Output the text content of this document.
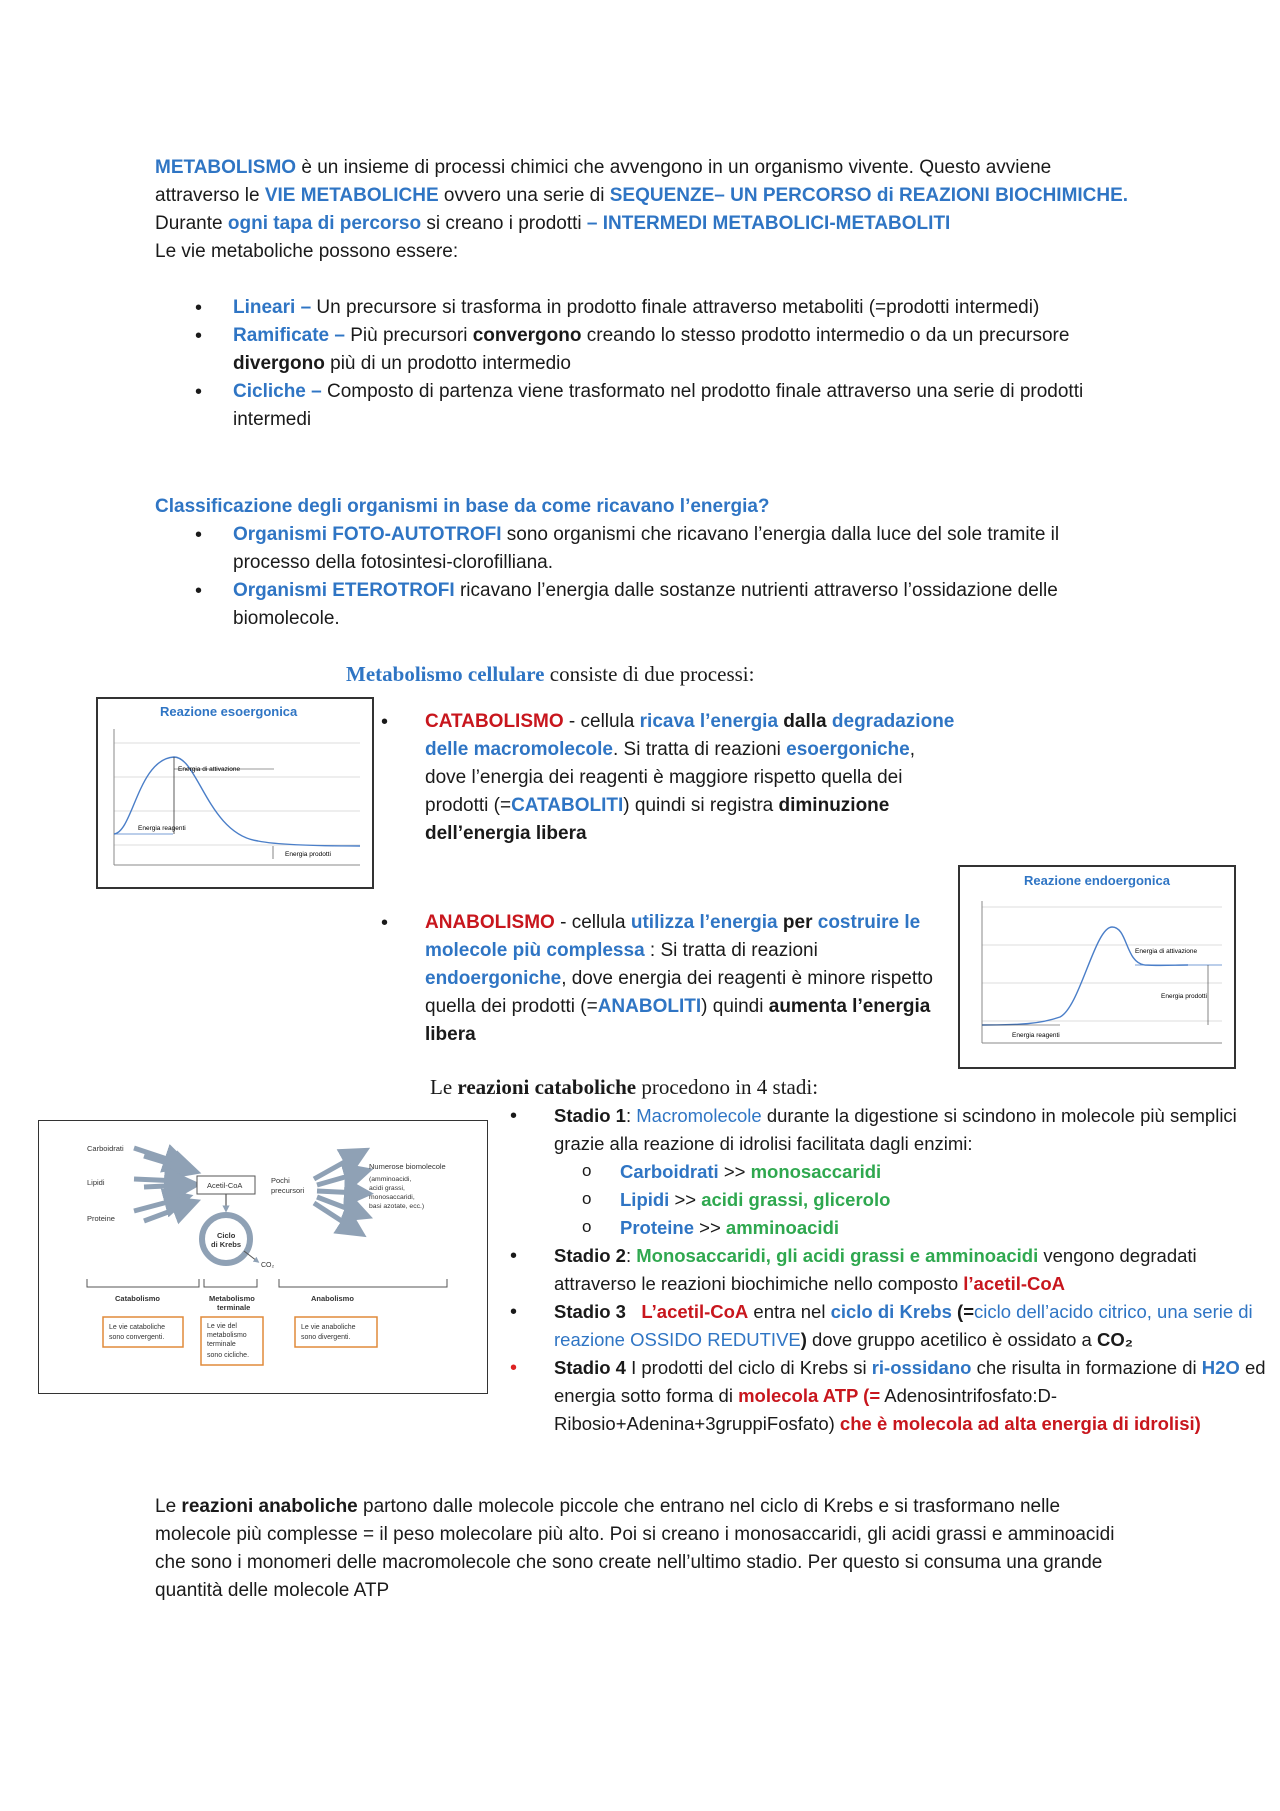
METABOLISMO è un insieme di processi chimici che avvengono in un organismo vivente. Questo avviene attraverso le VIE METABOLICHE ovvero una serie di SEQUENZE– UN PERCORSO di REAZIONI BIOCHIMICHE. Durante ogni tapa di percorso si creano i prodotti – INTERMEDI METABOLICI-METABOLITI
Le vie metaboliche possono essere:
• Lineari – Un precursore si trasforma in prodotto finale attraverso metaboliti (=prodotti intermedi)
• Ramificate – Più precursori convergono creando lo stesso prodotto intermedio o da un precursore divergono più di un prodotto intermedio
• Cicliche – Composto di partenza viene trasformato nel prodotto finale attraverso una serie di prodotti intermedi
Classificazione degli organismi in base da come ricavano l’energia?
• Organismi FOTO-AUTOTROFI sono organismi che ricavano l’energia dalla luce del sole tramite il processo della fotosintesi-clorofilliana.
• Organismi ETEROTROFI ricavano l’energia dalle sostanze nutrienti attraverso l’ossidazione delle biomolecole.
Metabolismo cellulare consiste di due processi:
Reazione esoergonica
Energia di attivazione
Energia reagenti
Energia prodotti
• CATABOLISMO - cellula ricava l’energia dalla degradazione delle macromolecole. Si tratta di reazioni esoergoniche, dove l’energia dei reagenti è maggiore rispetto quella dei prodotti (=CATABOLITI) quindi si registra diminuzione dell’energia libera
Reazione endoergonica
Energia di attivazione
Energia prodotti
Energia reagenti
• ANABOLISMO - cellula utilizza l’energia per costruire le molecole più complessa : Si tratta di reazioni endoergoniche, dove energia dei reagenti è minore rispetto quella dei prodotti (=ANABOLITI) quindi aumenta l’energia libera
Le reazioni cataboliche procedono in 4 stadi:
Carboidrati
Lipidi
Proteine
Acetil-CoA
Pochi
precursori
Numerose biomolecole
(amminoacidi,
acidi grassi,
monosaccaridi,
basi azotate, ecc.)
Ciclo
di Krebs
CO₂
Catabolismo	Metabolismo
terminale
Anabolismo
Le vie cataboliche
sono convergenti.
Le vie del
metabolismo
terminale
sono cicliche.
Le vie anaboliche
sono divergenti.
• Stadio 1: Macromolecole durante la digestione si scindono in molecole più semplici grazie alla reazione di idrolisi facilitata dagli enzimi:
o Carboidrati >> monosaccaridi
o Lipidi >> acidi grassi, glicerolo
o Proteine >> amminoacidi
• Stadio 2: Monosaccaridi, gli acidi grassi e amminoacidi vengono degradati attraverso le reazioni biochimiche nello composto l’acetil-CoA
• Stadio 3   L’acetil-CoA entra nel ciclo di Krebs (=ciclo dell’acido citrico, una serie di reazione OSSIDO REDUTIVE) dove gruppo acetilico è ossidato a CO₂
• Stadio 4 I prodotti del ciclo di Krebs si ri-ossidano che risulta in formazione di H2O ed energia sotto forma di molecola ATP (= Adenosintrifosfato:D-Ribosio+Adenina+3gruppiFosfato) che è molecola ad alta energia di idrolisi)
Le reazioni anaboliche partono dalle molecole piccole che entrano nel ciclo di Krebs e si trasformano nelle molecole più complesse = il peso molecolare più alto. Poi si creano i monosaccaridi, gli acidi grassi e amminoacidi che sono i monomeri delle macromolecole che sono create nell’ultimo stadio. Per questo si consuma una grande quantità delle molecole ATP
